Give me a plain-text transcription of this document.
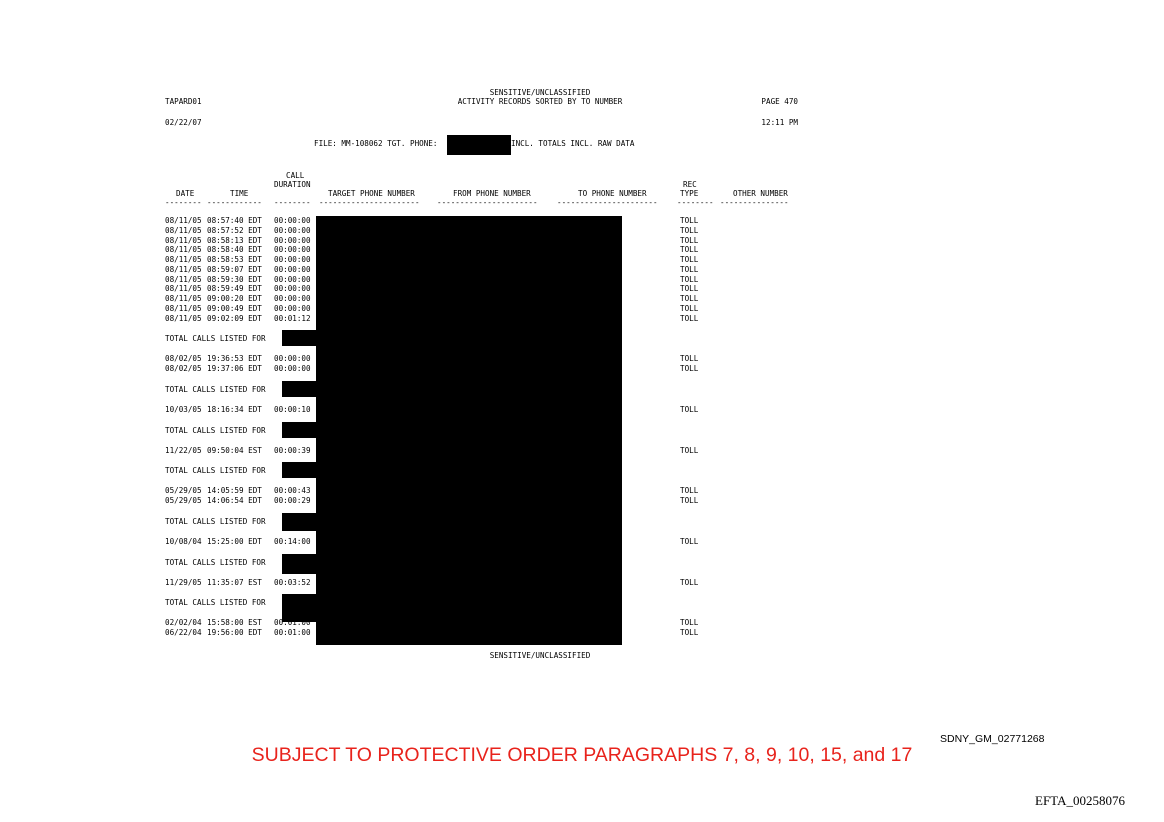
TAPARD01
SENSITIVE/UNCLASSIFIED
ACTIVITY RECORDS SORTED BY TO NUMBER	PAGE 470
02/22/07	12:11 PM
FILE: MM-108062 TGT. PHONE:	INCL. TOTALS INCL. RAW DATA
CALL
DURATION	REC
DATE	TIME	TARGET PHONE NUMBER	FROM PHONE NUMBER	TO PHONE NUMBER	TYPE	OTHER NUMBER
-------- ------------ -------- ---------------------- ----------------------	----------------------	-------- ---------------
08/11/05 08:57:40 EDT 00:00:00	TOLL
08/11/05 08:57:52 EDT 00:00:00	TOLL
08/11/05 08:58:13 EDT 00:00:00	TOLL
08/11/05 08:58:40 EDT 00:00:00	TOLL
08/11/05 08:58:53 EDT 00:00:00	TOLL
08/11/05 08:59:07 EDT 00:00:00	TOLL
08/11/05 08:59:30 EDT 00:00:00	TOLL
08/11/05 08:59:49 EDT 00:00:00	TOLL
08/11/05 09:00:20 EDT 00:00:00	TOLL
08/11/05 09:00:49 EDT 00:00:00	TOLL
08/11/05 09:02:09 EDT 00:01:12	TOLL
TOTAL CALLS LISTED FOR
08/02/05 19:36:53 EDT 00:00:00	TOLL
08/02/05 19:37:06 EDT 00:00:00	TOLL
TOTAL CALLS LISTED FOR
10/03/05 18:16:34 EDT 00:00:10	TOLL
TOTAL CALLS LISTED FOR
11/22/05 09:50:04 EST 00:00:39	TOLL
TOTAL CALLS LISTED FOR
05/29/05 14:05:59 EDT 00:00:43	TOLL
05/29/05 14:06:54 EDT 00:00:29	TOLL
TOTAL CALLS LISTED FOR
10/08/04 15:25:00 EDT 00:14:00	TOLL
TOTAL CALLS LISTED FOR
11/29/05 11:35:07 EST 00:03:52	TOLL
TOTAL CALLS LISTED FOR
02/02/04 15:58:00 EST 00:01:00	TOLL
06/22/04 19:56:00 EDT 00:01:00	TOLL
SENSITIVE/UNCLASSIFIED
SUBJECT TO PROTECTIVE ORDER PARAGRAPHS 7, 8, 9, 10, 15, and 17
SDNY_GM_02771268
EFTA_00258076
